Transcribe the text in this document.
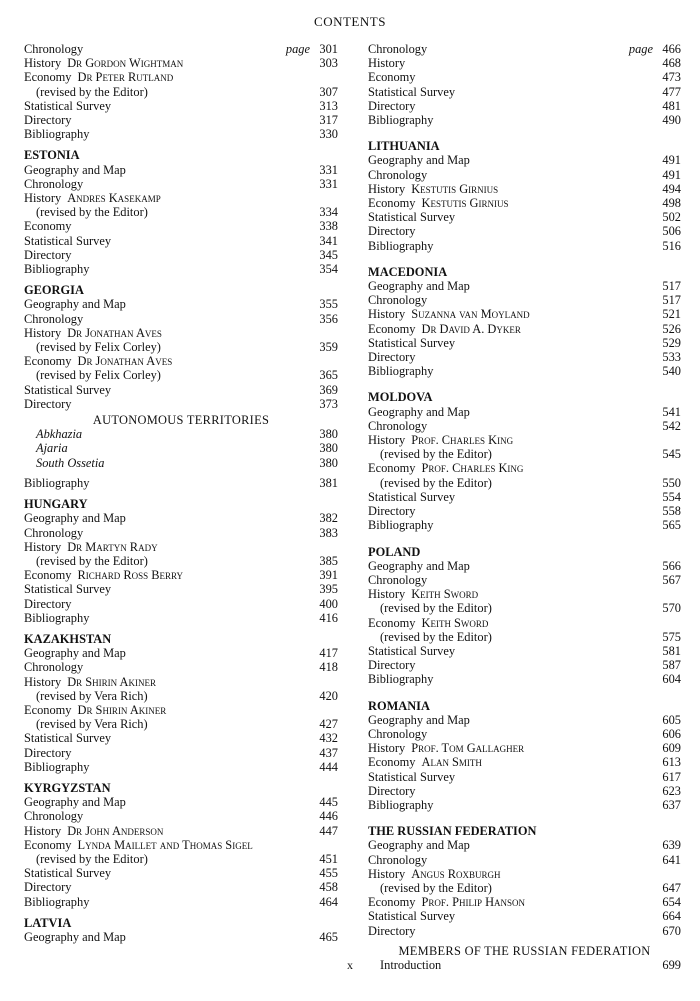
CONTENTS
Chronology	page 301
History Dr Gordon Wightman	303
Economy Dr Peter Rutland
(revised by the Editor)	307
Statistical Survey	313
Directory	317
Bibliography	330
ESTONIA
Geography and Map	331
Chronology	331
History Andres Kasekamp
(revised by the Editor)	334
Economy	338
Statistical Survey	341
Directory	345
Bibliography	354
GEORGIA
Geography and Map	355
Chronology	356
History Dr Jonathan Aves
(revised by Felix Corley)	359
Economy Dr Jonathan Aves
(revised by Felix Corley)	365
Statistical Survey	369
Directory	373
AUTONOMOUS TERRITORIES
Abkhazia	380
Ajaria	380
South Ossetia	380
Bibliography	381
HUNGARY
Geography and Map	382
Chronology	383
History Dr Martyn Rady
(revised by the Editor)	385
Economy Richard Ross Berry	391
Statistical Survey	395
Directory	400
Bibliography	416
KAZAKHSTAN
Geography and Map	417
Chronology	418
History Dr Shirin Akiner
(revised by Vera Rich)	420
Economy Dr Shirin Akiner
(revised by Vera Rich)	427
Statistical Survey	432
Directory	437
Bibliography	444
KYRGYZSTAN
Geography and Map	445
Chronology	446
History Dr John Anderson	447
Economy Lynda Maillet and Thomas Sigel
(revised by the Editor)	451
Statistical Survey	455
Directory	458
Bibliography	464
LATVIA
Geography and Map	465
Chronology	page 466
History	468
Economy	473
Statistical Survey	477
Directory	481
Bibliography	490
LITHUANIA
Geography and Map	491
Chronology	491
History Kestutis Girnius	494
Economy Kestutis Girnius	498
Statistical Survey	502
Directory	506
Bibliography	516
MACEDONIA
Geography and Map	517
Chronology	517
History Suzanna van Moyland	521
Economy Dr David A. Dyker	526
Statistical Survey	529
Directory	533
Bibliography	540
MOLDOVA
Geography and Map	541
Chronology	542
History Prof. Charles King
(revised by the Editor)	545
Economy Prof. Charles King
(revised by the Editor)	550
Statistical Survey	554
Directory	558
Bibliography	565
POLAND
Geography and Map	566
Chronology	567
History Keith Sword
(revised by the Editor)	570
Economy Keith Sword
(revised by the Editor)	575
Statistical Survey	581
Directory	587
Bibliography	604
ROMANIA
Geography and Map	605
Chronology	606
History Prof. Tom Gallagher	609
Economy Alan Smith	613
Statistical Survey	617
Directory	623
Bibliography	637
THE RUSSIAN FEDERATION
Geography and Map	639
Chronology	641
History Angus Roxburgh
(revised by the Editor)	647
Economy Prof. Philip Hanson	654
Statistical Survey	664
Directory	670
MEMBERS OF THE RUSSIAN FEDERATION
Introduction	699
x
